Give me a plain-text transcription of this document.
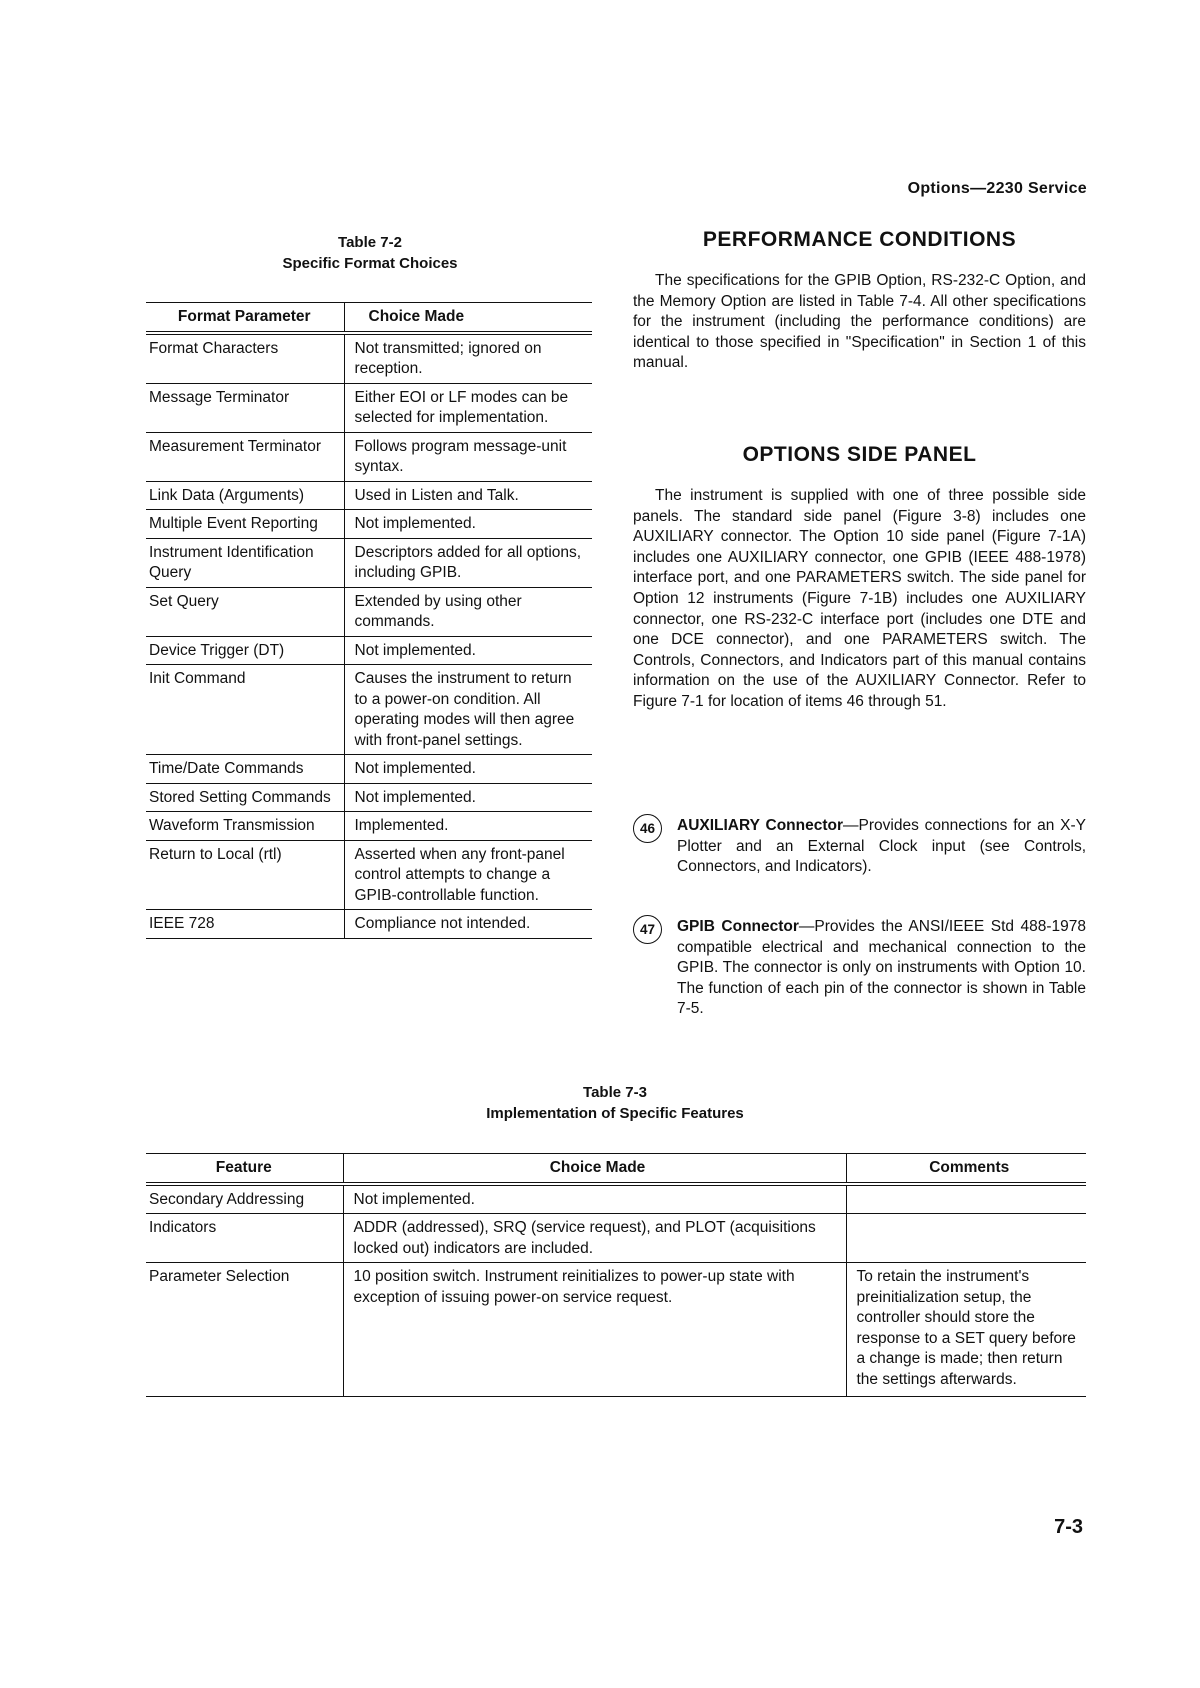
Options—2230 Service
Table 7-2
Specific Format Choices
Format Parameter	Choice Made
Format Characters	Not transmitted; ignored on reception.
Message Terminator	Either EOI or LF modes can be selected for implementation.
Measurement Terminator	Follows program message-unit syntax.
Link Data (Arguments)	Used in Listen and Talk.
Multiple Event Reporting	Not implemented.
Instrument Identification Query	Descriptors added for all options, including GPIB.
Set Query	Extended by using other commands.
Device Trigger (DT)	Not implemented.
Init Command	Causes the instrument to return to a power-on condition. All operating modes will then agree with front-panel settings.
Time/Date Commands	Not implemented.
Stored Setting Commands	Not implemented.
Waveform Transmission	Implemented.
Return to Local (rtl)	Asserted when any front-panel control attempts to change a GPIB-controllable function.
IEEE 728	Compliance not intended.
PERFORMANCE CONDITIONS
The specifications for the GPIB Option, RS-232-C Option, and the Memory Option are listed in Table 7-4. All other specifications for the instrument (including the performance conditions) are identical to those specified in "Specification" in Section 1 of this manual.
OPTIONS SIDE PANEL
The instrument is supplied with one of three possible side panels. The standard side panel (Figure 3-8) includes one AUXILIARY connector. The Option 10 side panel (Figure 7-1A) includes one AUXILIARY connector, one GPIB (IEEE 488-1978) interface port, and one PARAMETERS switch. The side panel for Option 12 instruments (Figure 7-1B) includes one AUXILIARY connector, one RS-232-C interface port (includes one DTE and one DCE connector), and one PARAMETERS switch. The Controls, Connectors, and Indicators part of this manual contains information on the use of the AUXILIARY Connector. Refer to Figure 7-1 for location of items 46 through 51.
46	AUXILIARY Connector—Provides connections for an X-Y Plotter and an External Clock input (see Controls, Connectors, and Indicators).
47	GPIB Connector—Provides the ANSI/IEEE Std 488-1978 compatible electrical and mechanical connection to the GPIB. The connector is only on instruments with Option 10. The function of each pin of the connector is shown in Table 7-5.
Table 7-3
Implementation of Specific Features
Feature	Choice Made	Comments
Secondary Addressing	Not implemented.	
Indicators	ADDR (addressed), SRQ (service request), and PLOT (acquisitions locked out) indicators are included.	
Parameter Selection	10 position switch. Instrument reinitializes to power-up state with exception of issuing power-on service request.	To retain the instrument's preinitialization setup, the controller should store the response to a SET query before a change is made; then return the settings afterwards.
7-3
